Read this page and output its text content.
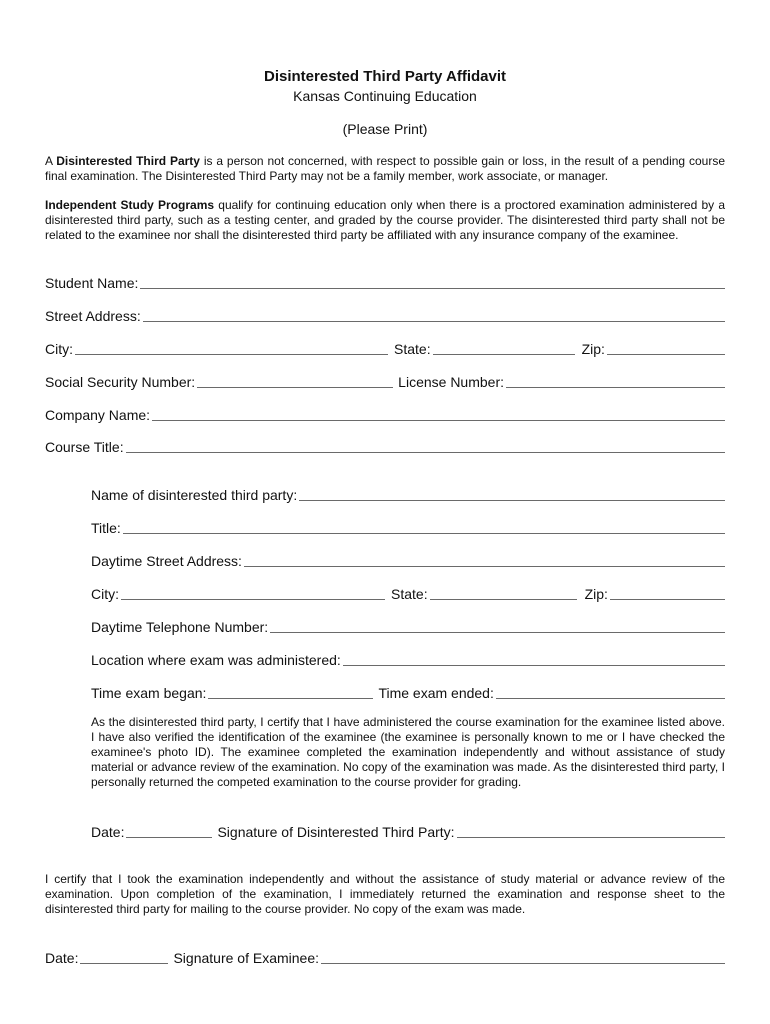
Disinterested Third Party Affidavit
Kansas Continuing Education
(Please Print)

A Disinterested Third Party is a person not concerned, with respect to possible gain or loss, in the result of a pending course final examination. The Disinterested Third Party may not be a family member, work associate, or manager.

Independent Study Programs qualify for continuing education only when there is a proctored examination administered by a disinterested third party, such as a testing center, and graded by the course provider. The disinterested third party shall not be related to the examinee nor shall the disinterested third party be affiliated with any insurance company of the examinee.

Student Name:
Street Address:
City:	State:	Zip:
Social Security Number:	License Number:
Company Name:
Course Title:
Name of disinterested third party:
Title:
Daytime Street Address:
City:	State:	Zip:
Daytime Telephone Number:
Location where exam was administered:
Time exam began:	Time exam ended:

As the disinterested third party, I certify that I have administered the course examination for the examinee listed above. I have also verified the identification of the examinee (the examinee is personally known to me or I have checked the examinee's photo ID). The examinee completed the examination independently and without assistance of study material or advance review of the examination. No copy of the examination was made. As the disinterested third party, I personally returned the competed examination to the course provider for grading.

Date:	Signature of Disinterested Third Party:

I certify that I took the examination independently and without the assistance of study material or advance review of the examination. Upon completion of the examination, I immediately returned the examination and response sheet to the disinterested third party for mailing to the course provider. No copy of the exam was made.

Date:	Signature of Examinee:
